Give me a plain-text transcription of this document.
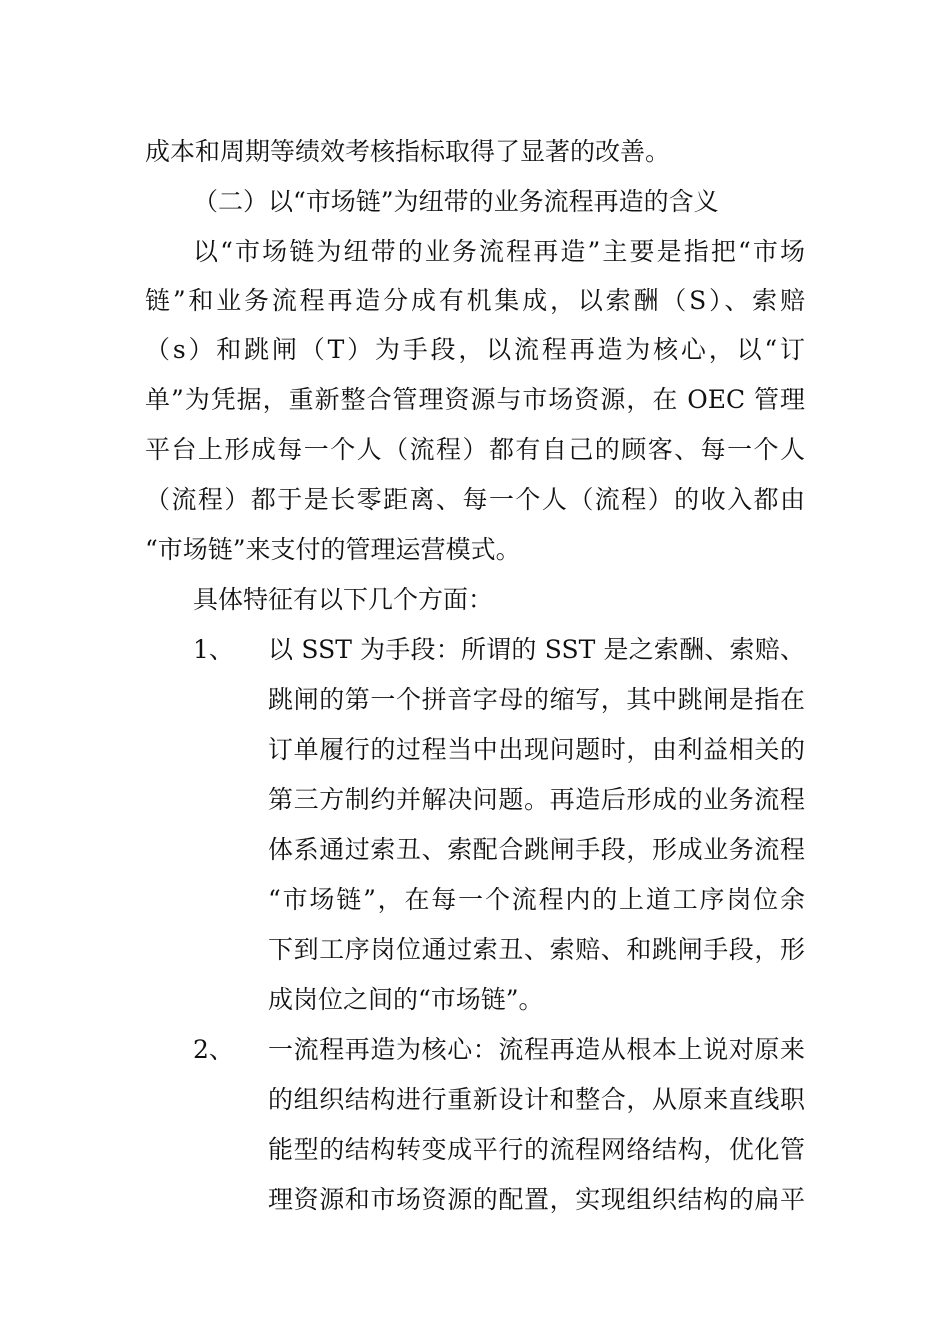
成本和周期等绩效考核指标取得了显著的改善。
（二）以“市场链”为纽带的业务流程再造的含义
以“市场链为纽带的业务流程再造”主要是指把“市场
链”和业务流程再造分成有机集成，以索酬（S）、索赔
（s）和跳闸（T）为手段，以流程再造为核心，以“订
单”为凭据，重新整合管理资源与市场资源，在 OEC 管理
平台上形成每一个人（流程）都有自己的顾客、每一个人
（流程）都于是长零距离、每一个人（流程）的收入都由
“市场链”来支付的管理运营模式。
具体特征有以下几个方面：
1、 以 SST 为手段：所谓的 SST 是之索酬、索赔、
跳闸的第一个拼音字母的缩写，其中跳闸是指在
订单履行的过程当中出现问题时，由利益相关的
第三方制约并解决问题。再造后形成的业务流程
体系通过索丑、索配合跳闸手段，形成业务流程
“市场链”，在每一个流程内的上道工序岗位余
下到工序岗位通过索丑、索赔、和跳闸手段，形
成岗位之间的“市场链”。
2、 一流程再造为核心：流程再造从根本上说对原来
的组织结构进行重新设计和整合，从原来直线职
能型的结构转变成平行的流程网络结构，优化管
理资源和市场资源的配置，实现组织结构的扁平
